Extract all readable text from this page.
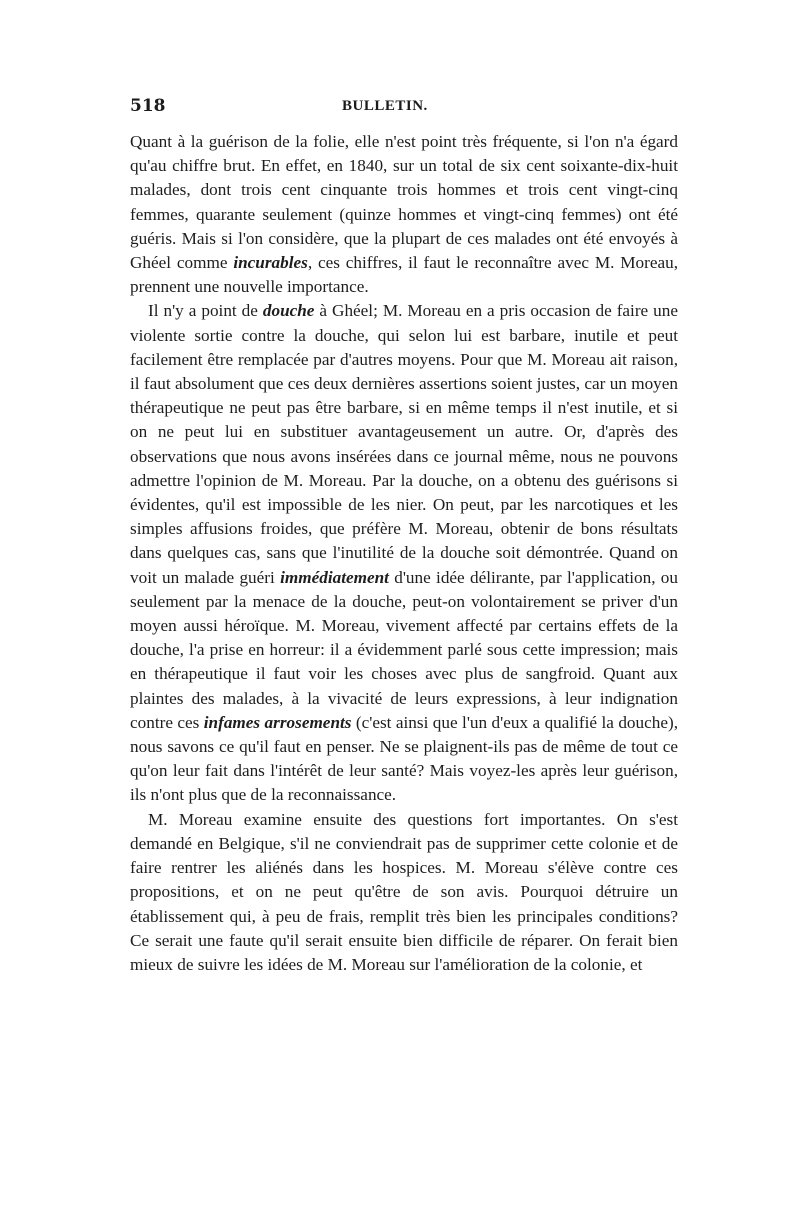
518	BULLETIN.

Quant à la guérison de la folie, elle n'est point très fréquente, si l'on n'a égard qu'au chiffre brut. En effet, en 1840, sur un total de six cent soixante-dix-huit malades, dont trois cent cinquante trois hommes et trois cent vingt-cinq femmes, quarante seulement (quinze hommes et vingt-cinq femmes) ont été guéris. Mais si l'on considère, que la plupart de ces malades ont été envoyés à Ghéel comme incurables, ces chiffres, il faut le reconnaître avec M. Moreau, prennent une nouvelle importance.

Il n'y a point de douche à Ghéel; M. Moreau en a pris occasion de faire une violente sortie contre la douche, qui selon lui est barbare, inutile et peut facilement être remplacée par d'autres moyens. Pour que M. Moreau ait raison, il faut absolument que ces deux dernières assertions soient justes, car un moyen thérapeutique ne peut pas être barbare, si en même temps il n'est inutile, et si on ne peut lui en substituer avantageusement un autre. Or, d'après des observations que nous avons insérées dans ce journal même, nous ne pouvons admettre l'opinion de M. Moreau. Par la douche, on a obtenu des guérisons si évidentes, qu'il est impossible de les nier. On peut, par les narcotiques et les simples affusions froides, que préfère M. Moreau, obtenir de bons résultats dans quelques cas, sans que l'inutilité de la douche soit démontrée. Quand on voit un malade guéri immédiatement d'une idée délirante, par l'application, ou seulement par la menace de la douche, peut-on volontairement se priver d'un moyen aussi héroïque. M. Moreau, vivement affecté par certains effets de la douche, l'a prise en horreur: il a évidemment parlé sous cette impression; mais en thérapeutique il faut voir les choses avec plus de sangfroid. Quant aux plaintes des malades, à la vivacité de leurs expressions, à leur indignation contre ces infames arrosements (c'est ainsi que l'un d'eux a qualifié la douche), nous savons ce qu'il faut en penser. Ne se plaignent-ils pas de même de tout ce qu'on leur fait dans l'intérêt de leur santé? Mais voyez-les après leur guérison, ils n'ont plus que de la reconnaissance.

M. Moreau examine ensuite des questions fort importantes. On s'est demandé en Belgique, s'il ne conviendrait pas de supprimer cette colonie et de faire rentrer les aliénés dans les hospices. M. Moreau s'élève contre ces propositions, et on ne peut qu'être de son avis. Pourquoi détruire un établissement qui, à peu de frais, remplit très bien les principales conditions? Ce serait une faute qu'il serait ensuite bien difficile de réparer. On ferait bien mieux de suivre les idées de M. Moreau sur l'amélioration de la colonie, et
